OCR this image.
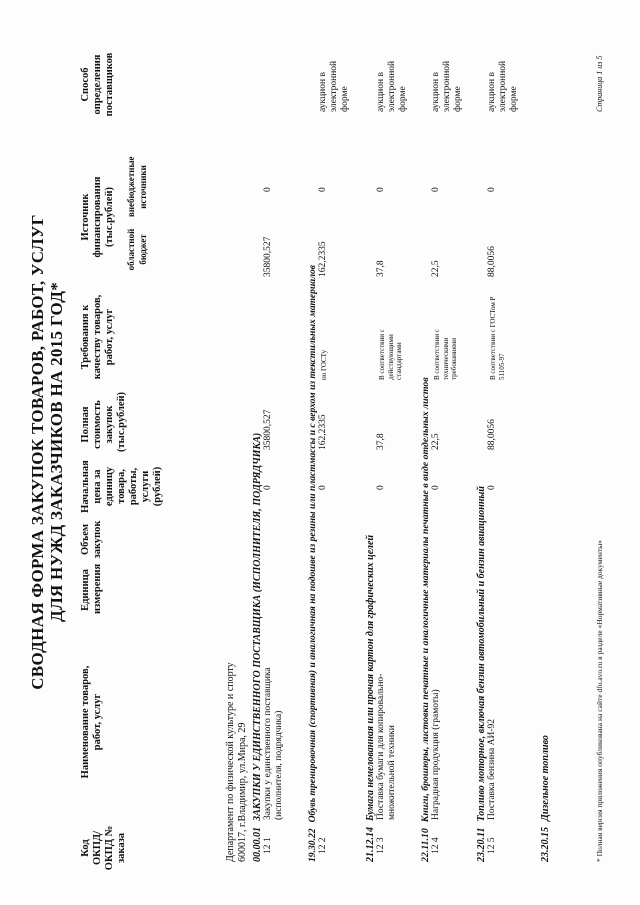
СВОДНАЯ ФОРМА ЗАКУПОК ТОВАРОВ, РАБОТ, УСЛУГ ДЛЯ НУЖД ЗАКАЗЧИКОВ НА 2015 ГОД*
Код ОКПД/ ОКПД № заказа
Наименование товаров, работ, услуг
Единица измерения
Объем закупок
Начальная цена за единицу товара, работы, услуги (рублей)
Полная стоимость закупок (тыс.рублей)
Требования к качеству товаров, работ, услуг
Источник финансирования (тыс.рублей)
областной бюджет
внебюджетные источники
Способ определения поставщиков
Департамент по физической культуре и спорту 600017, г.Владимир, ул.Мира, 29 00.00.01ЗАКУПКИ У ЕДИНСТВЕННОГО ПОСТАВЩИКА (ИСПОЛНИТЕЛЯ, ПОДРЯДЧИКА)
12 1
Закупки у единственного поставщика (исполнителя, подрядчика)
0
35800,527
35800,527
0
19.30.22Обувь тренировочная (спортивная) и аналогичная на подошве из резины или пластмассы и с верхом из текстильных материалов
12 2
0
162,2335
по ГОСТу
162,2335
0
аукцион в электронной форме
21.12.14Бумага немелованная или прочая картон для графических целей
12 3
Поставка бумаги для копировально-множительной техники
0
37,8
В соответствии с действующими стандартами
37,8
0
аукцион в электронной форме
22.11.10Книги, брошюры, листовки печатные и аналогичные материалы печатные в виде отдельных листов
12 4
Наградная продукция (грамоты)
0
22,5
В соответствии с техническими требованиями
22,5
0
аукцион в электронной форме
23.20.11Топливо моторное, включая бензин автомобильный и бензин авиационный
12 5
Поставка бензина АИ-92
0
88,0056
В соответствии с ГОСТом Р 51105-97
88,0056
0
аукцион в электронной форме
23.20.15Дизельное топливо	* Полная версия приложения опубликована на сайте dfo.avo.ru в разделе «Нормативные документы»
Страница 1 из 5
